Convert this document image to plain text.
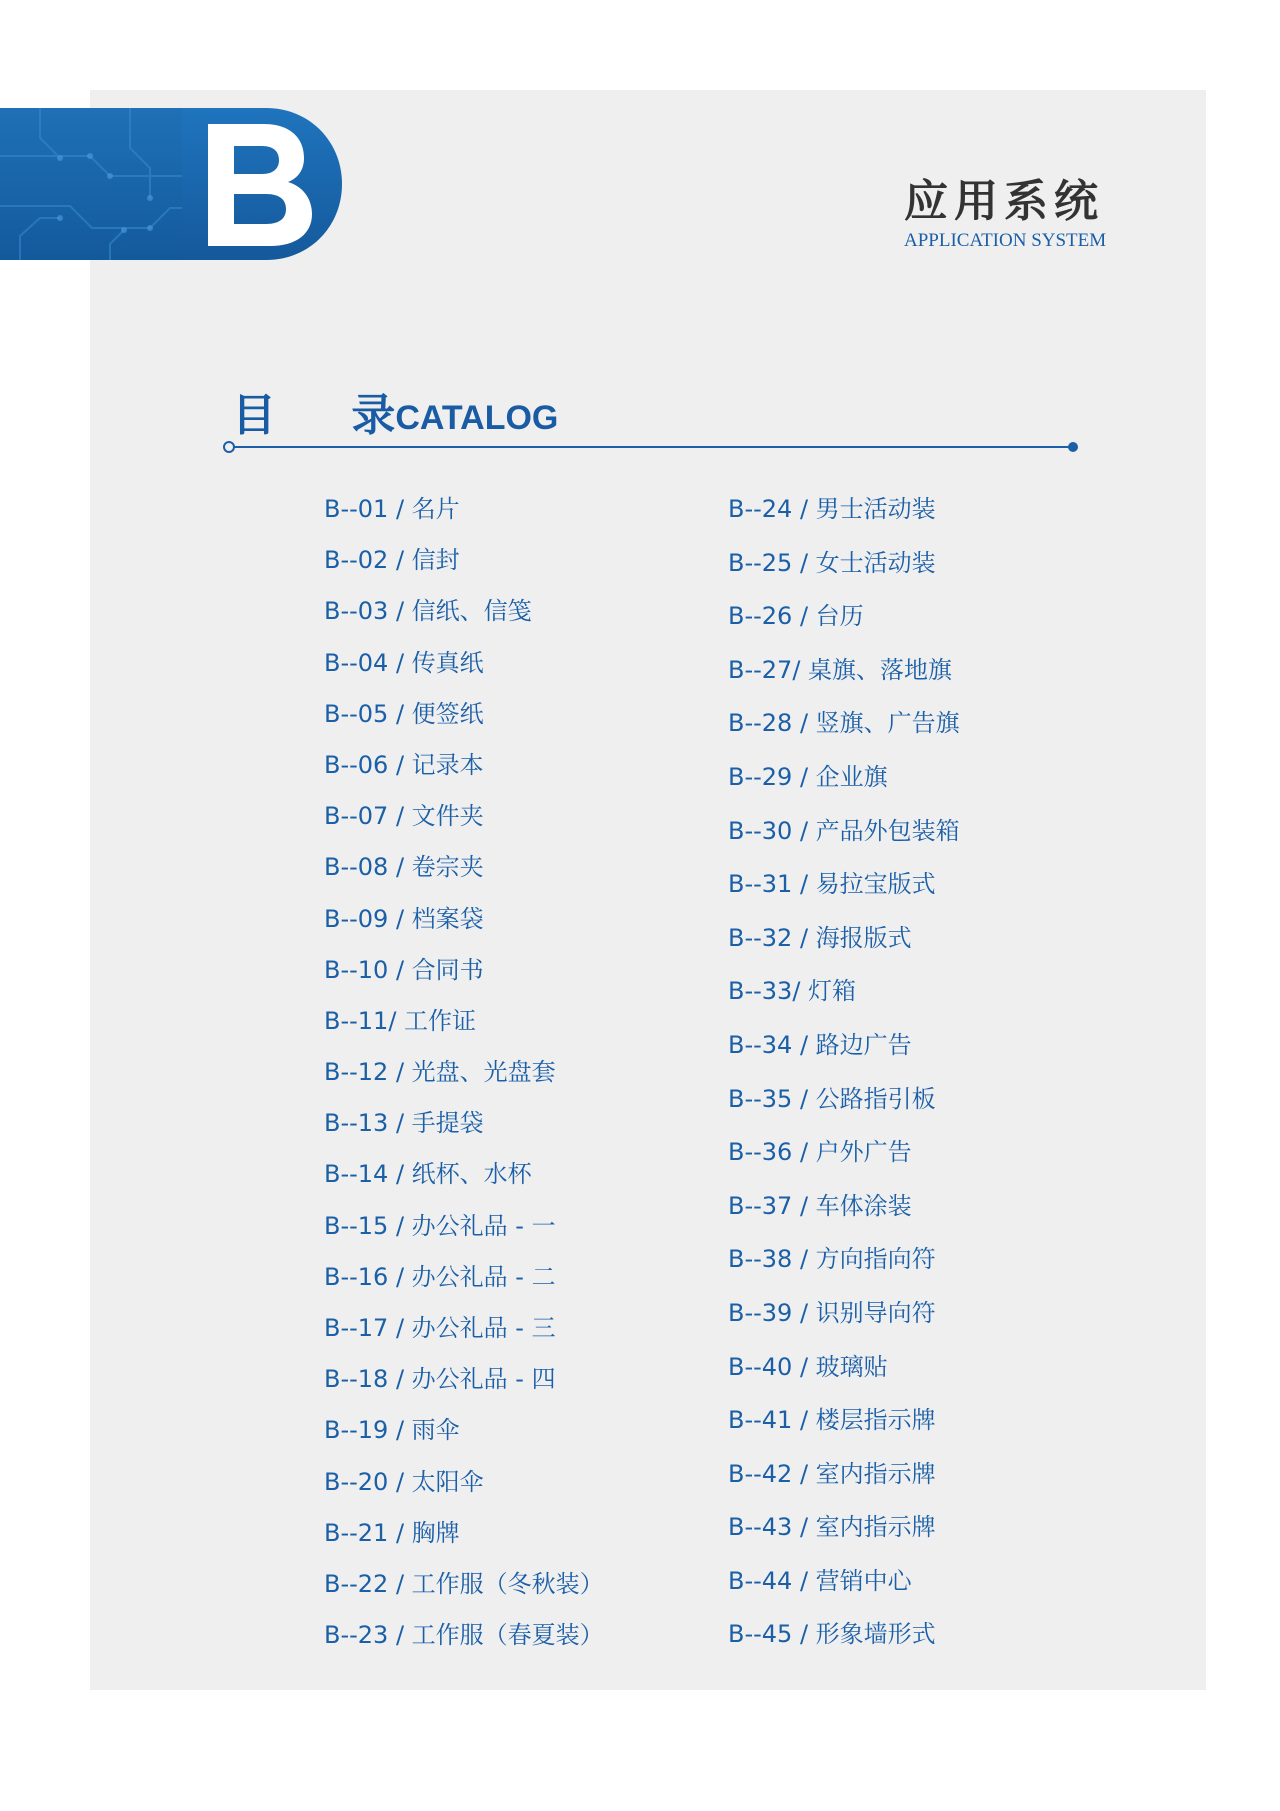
应用系统
APPLICATION SYSTEM
目 录
CATALOG
B--01 / 名片
B--02 / 信封
B--03 / 信纸、信笺
B--04 / 传真纸
B--05 / 便签纸
B--06 / 记录本
B--07 / 文件夹
B--08 / 卷宗夹
B--09 / 档案袋
B--10 / 合同书
B--11/ 工作证
B--12 / 光盘、光盘套
B--13 / 手提袋
B--14 / 纸杯、水杯
B--15 / 办公礼品 - 一
B--16 / 办公礼品 - 二
B--17 / 办公礼品 - 三
B--18 / 办公礼品 - 四
B--19 / 雨伞
B--20 / 太阳伞
B--21 / 胸牌
B--22 / 工作服（冬秋装）
B--23 / 工作服（春夏装）
B--24 / 男士活动装
B--25 / 女士活动装
B--26 / 台历
B--27/ 桌旗、落地旗
B--28 / 竖旗、广告旗
B--29 / 企业旗
B--30 / 产品外包装箱
B--31 / 易拉宝版式
B--32 / 海报版式
B--33/ 灯箱
B--34 / 路边广告
B--35 / 公路指引板
B--36 / 户外广告
B--37 / 车体涂装
B--38 / 方向指向符
B--39 / 识别导向符
B--40 / 玻璃贴
B--41 / 楼层指示牌
B--42 / 室内指示牌
B--43 / 室内指示牌
B--44 / 营销中心
B--45 / 形象墙形式
